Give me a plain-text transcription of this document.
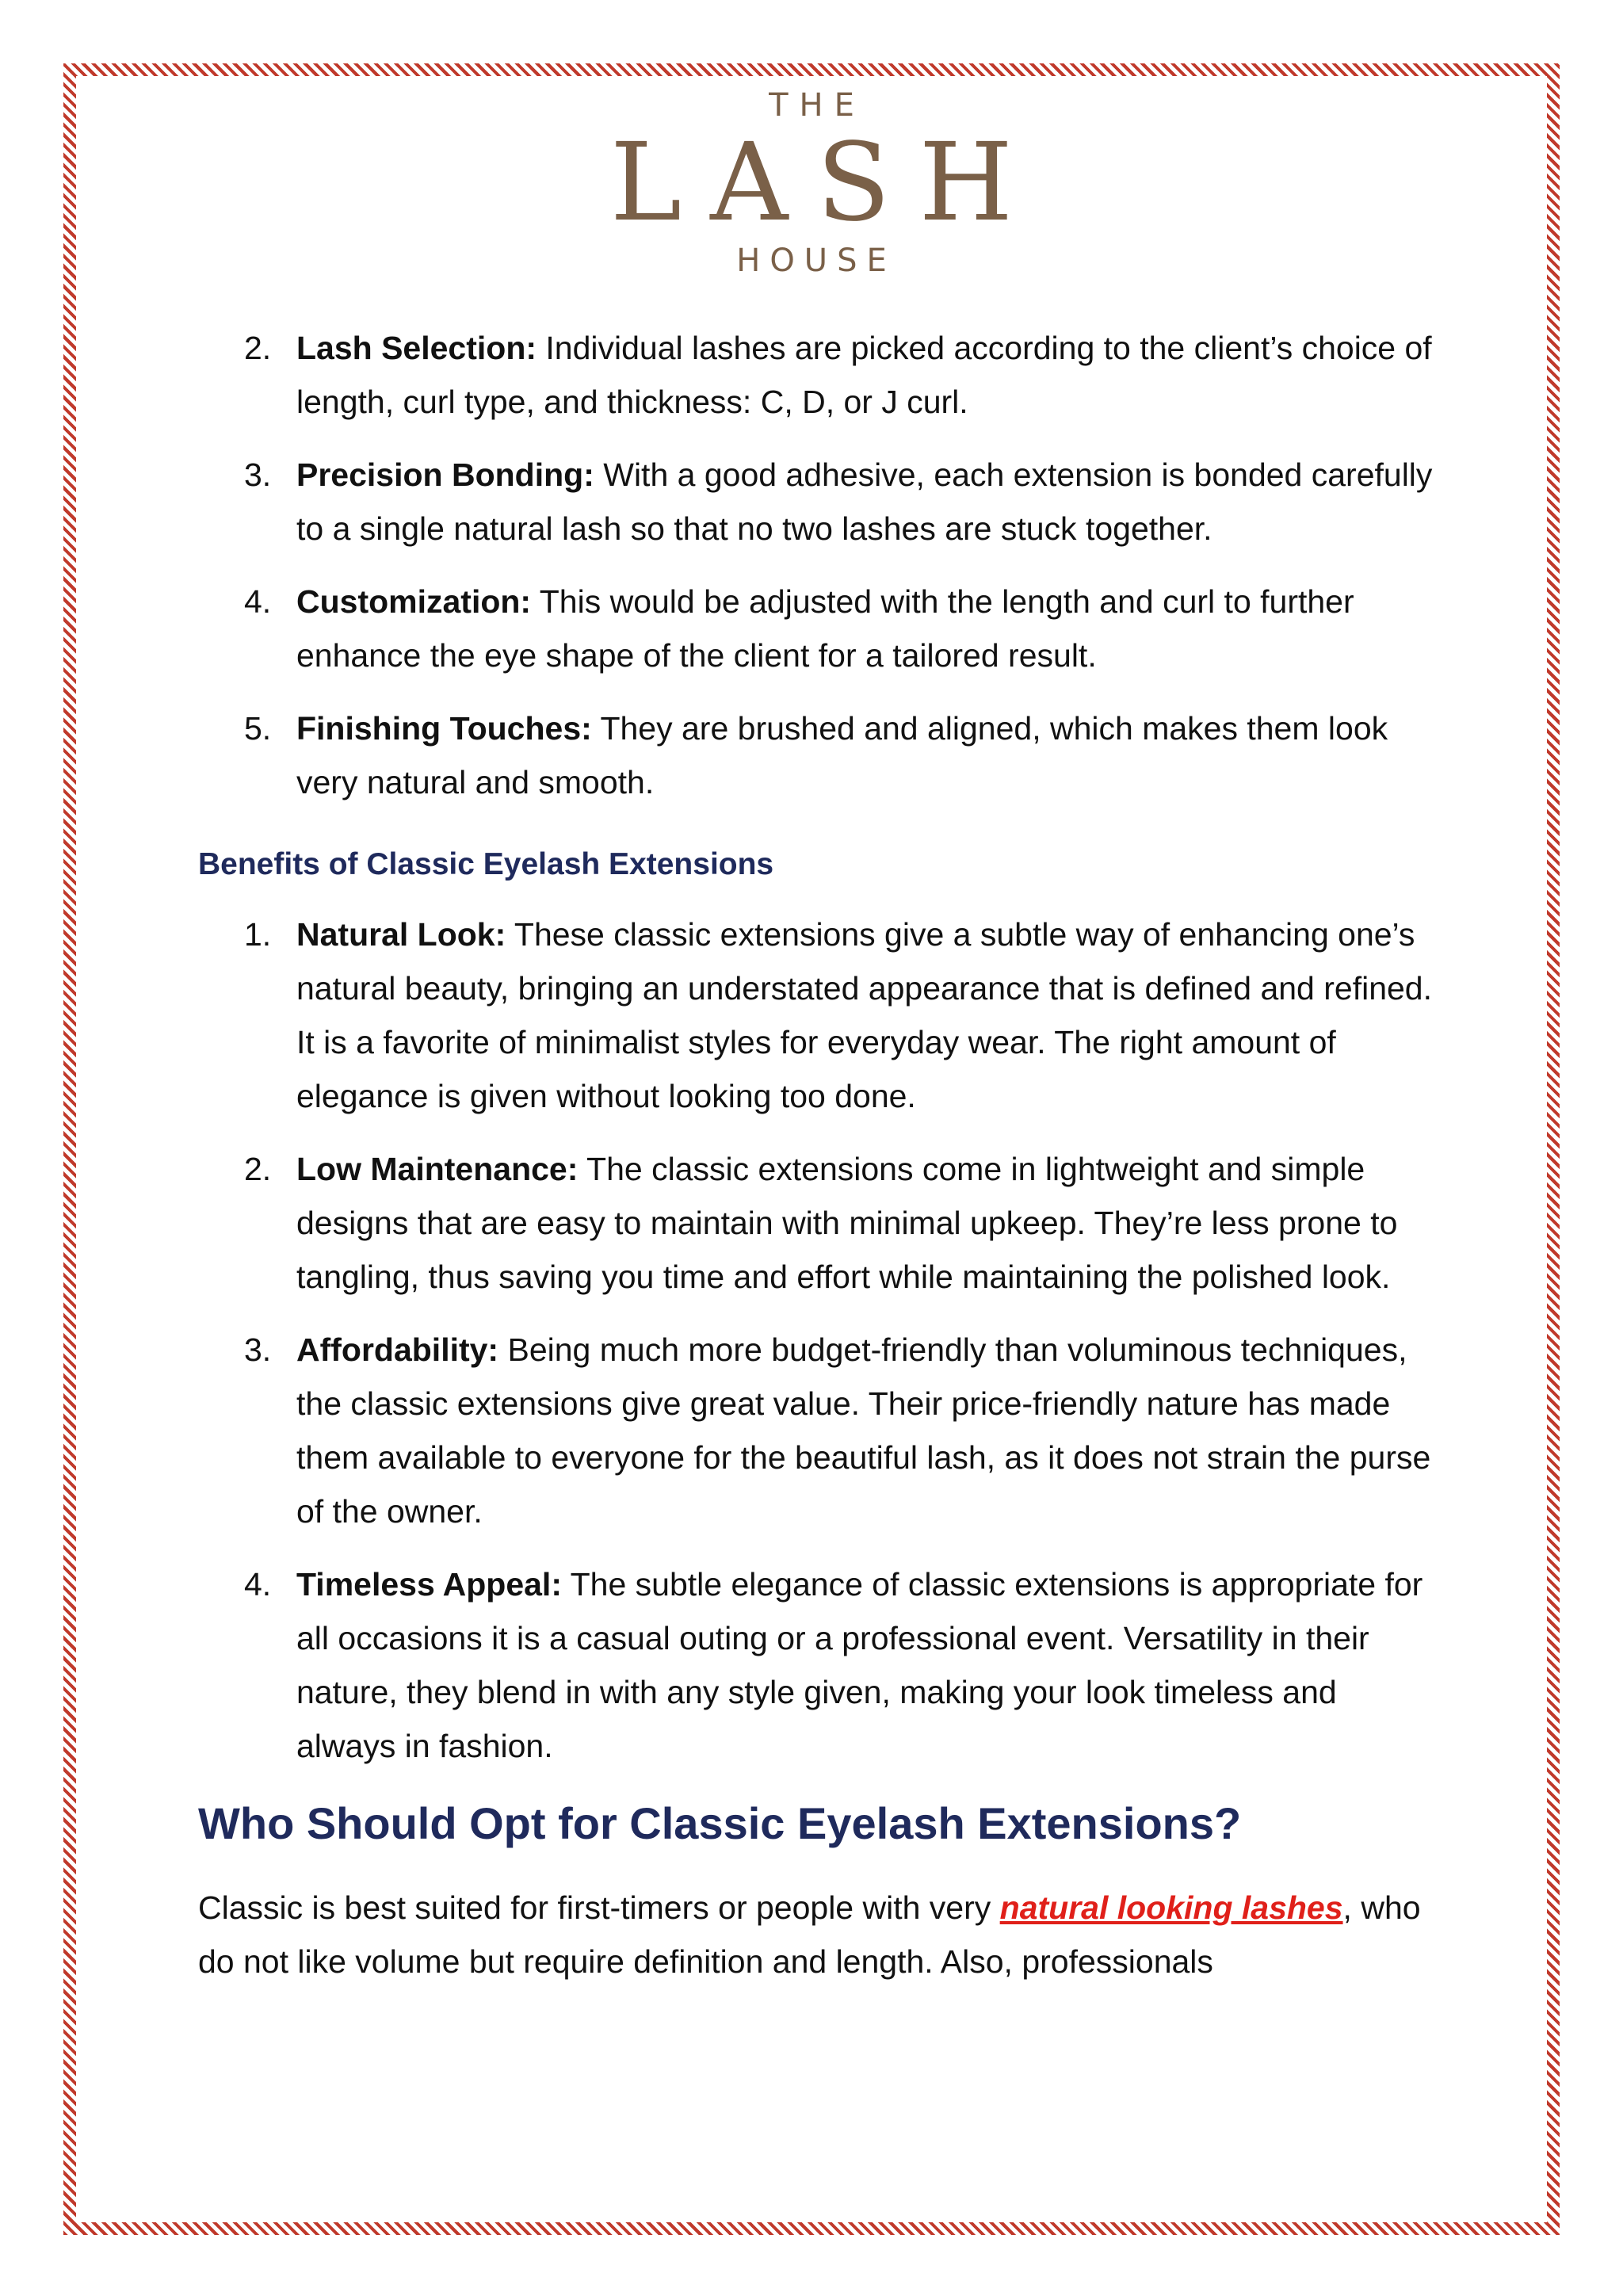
THE
LASH
HOUSE
2. Lash Selection: Individual lashes are picked according to the client’s choice of length, curl type, and thickness: C, D, or J curl.
3. Precision Bonding: With a good adhesive, each extension is bonded carefully to a single natural lash so that no two lashes are stuck together.
4. Customization: This would be adjusted with the length and curl to further enhance the eye shape of the client for a tailored result.
5. Finishing Touches: They are brushed and aligned, which makes them look very natural and smooth.
Benefits of Classic Eyelash Extensions
1. Natural Look: These classic extensions give a subtle way of enhancing one’s natural beauty, bringing an understated appearance that is defined and refined. It is a favorite of minimalist styles for everyday wear. The right amount of elegance is given without looking too done.
2. Low Maintenance: The classic extensions come in lightweight and simple designs that are easy to maintain with minimal upkeep. They’re less prone to tangling, thus saving you time and effort while maintaining the polished look.
3. Affordability: Being much more budget-friendly than voluminous techniques, the classic extensions give great value. Their price-friendly nature has made them available to everyone for the beautiful lash, as it does not strain the purse of the owner.
4. Timeless Appeal: The subtle elegance of classic extensions is appropriate for all occasions it is a casual outing or a professional event. Versatility in their nature, they blend in with any style given, making your look timeless and always in fashion.
Who Should Opt for Classic Eyelash Extensions?

Classic is best suited for first-timers or people with very natural looking lashes, who do not like volume but require definition and length. Also, professionals
